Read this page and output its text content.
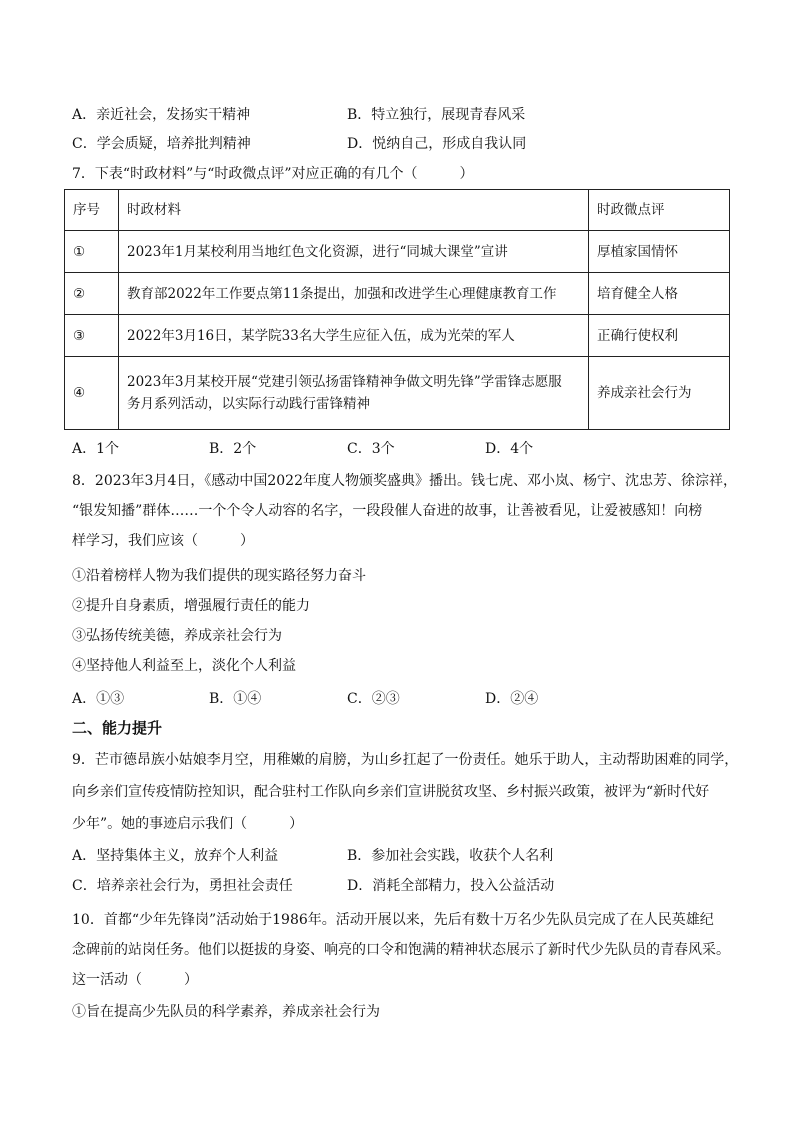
A．亲近社会，发扬实干精神	B．特立独行，展现青春风采
C．学会质疑，培养批判精神	D．悦纳自己，形成自我认同
7．下表“时政材料”与“时政微点评”对应正确的有几个（　　　）
序号	时政材料	时政微点评
①	2023年1月某校利用当地红色文化资源，进行“同城大课堂”宣讲	厚植家国情怀
②	教育部2022年工作要点第11条提出，加强和改进学生心理健康教育工作	培育健全人格
③	2022年3月16日，某学院33名大学生应征入伍，成为光荣的军人	正确行使权利
④	2023年3月某校开展“党建引领弘扬雷锋精神争做文明先锋”学雷锋志愿服
务月系列活动，以实际行动践行雷锋精神	养成亲社会行为
A．1个	B．2个	C．3个	D．4个
8．2023年3月4日，《感动中国2022年度人物颁奖盛典》播出。钱七虎、邓小岚、杨宁、沈忠芳、徐淙祥，
“银发知播”群体……一个个令人动容的名字，一段段催人奋进的故事，让善被看见，让爱被感知！向榜
样学习，我们应该（　　　）
①沿着榜样人物为我们提供的现实路径努力奋斗
②提升自身素质，增强履行责任的能力
③弘扬传统美德，养成亲社会行为
④坚持他人利益至上，淡化个人利益
A．①③	B．①④	C．②③	D．②④
二、能力提升
9．芒市德昂族小姑娘李月空，用稚嫩的肩膀，为山乡扛起了一份责任。她乐于助人，主动帮助困难的同学，
向乡亲们宣传疫情防控知识，配合驻村工作队向乡亲们宣讲脱贫攻坚、乡村振兴政策，被评为“新时代好
少年”。她的事迹启示我们（　　　）
A．坚持集体主义，放弃个人利益	B．参加社会实践，收获个人名利
C．培养亲社会行为，勇担社会责任	D．消耗全部精力，投入公益活动
10．首都“少年先锋岗”活动始于1986年。活动开展以来，先后有数十万名少先队员完成了在人民英雄纪
念碑前的站岗任务。他们以挺拔的身姿、响亮的口令和饱满的精神状态展示了新时代少先队员的青春风采。
这一活动（　　　）
①旨在提高少先队员的科学素养，养成亲社会行为
